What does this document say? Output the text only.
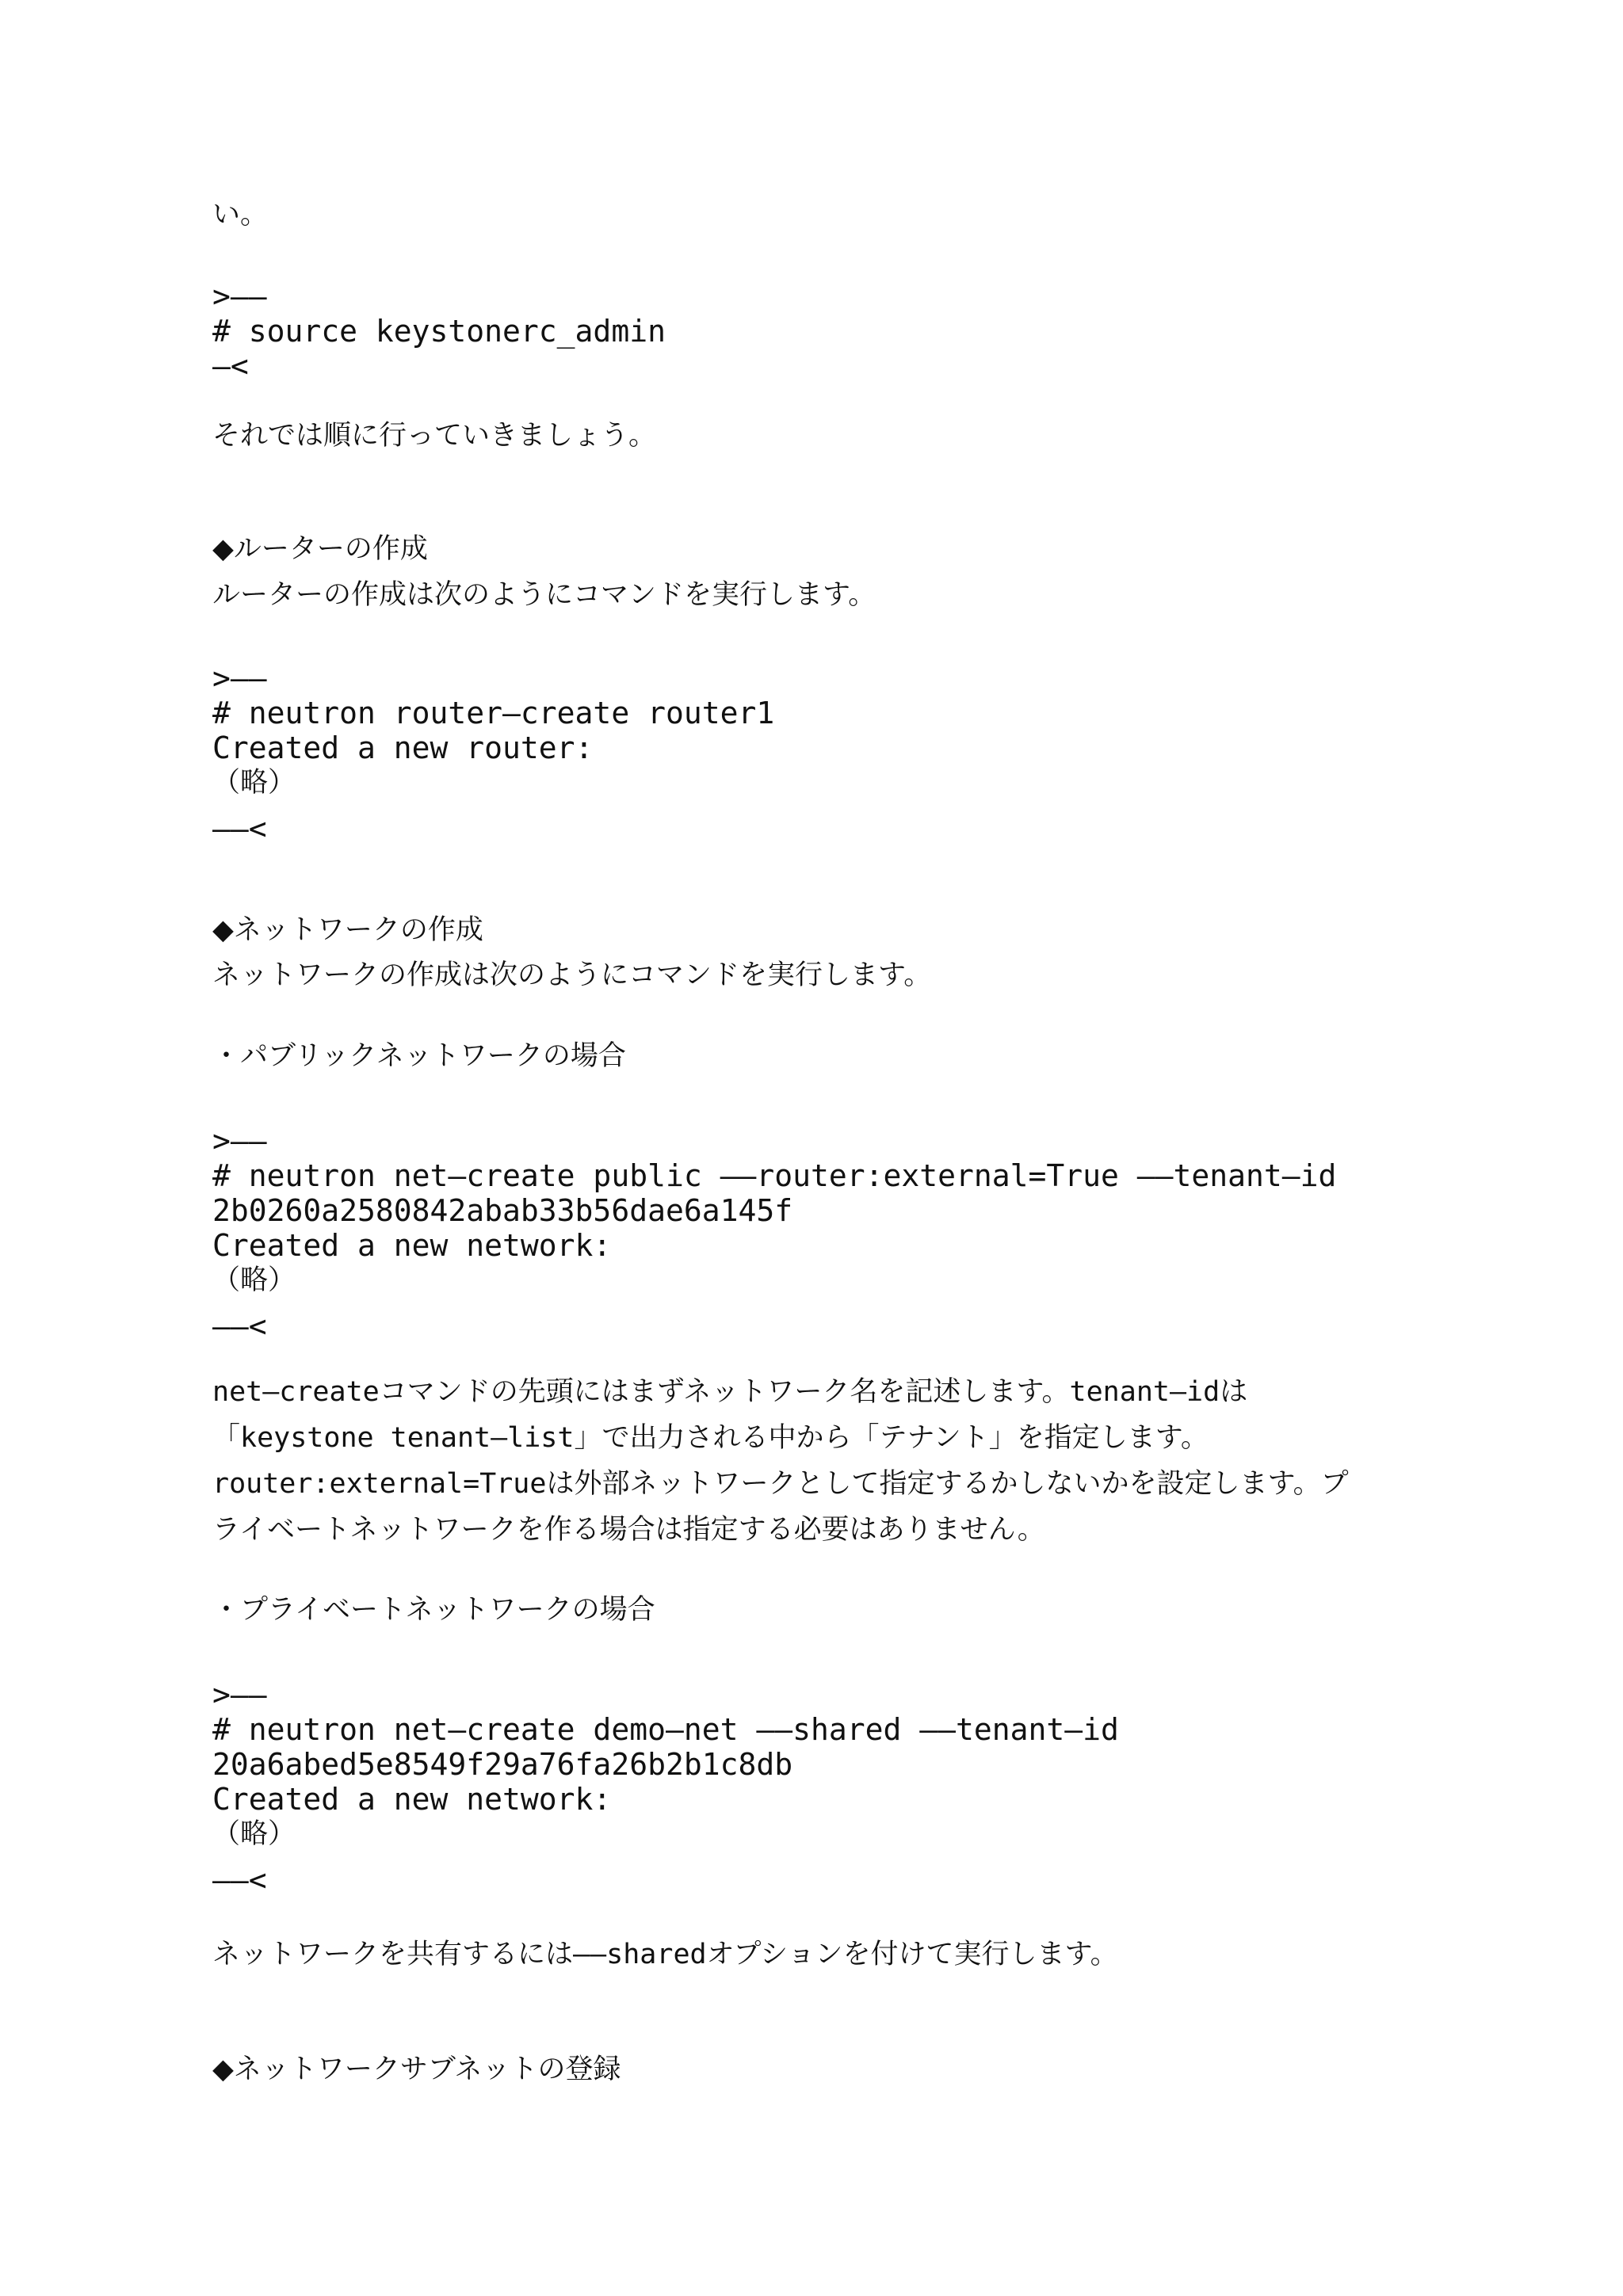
い。
>––
# source keystonerc_admin
–<
それでは順に行っていきましょう。
◆ルーターの作成
ルーターの作成は次のようにコマンドを実行します。
>––
# neutron router–create router1
Created a new router:
（略）
––<
◆ネットワークの作成
ネットワークの作成は次のようにコマンドを実行します。
・パブリックネットワークの場合
>––
# neutron net–create public ––router:external=True ––tenant–id
2b0260a2580842abab33b56dae6a145f
Created a new network:
（略）
––<
net–createコマンドの先頭にはまずネットワーク名を記述します。tenant–idは
「keystone tenant–list」で出力される中から「テナント」を指定します。
router:external=Trueは外部ネットワークとして指定するかしないかを設定します。プ
ライベートネットワークを作る場合は指定する必要はありません。
・プライベートネットワークの場合
>––
# neutron net–create demo–net ––shared ––tenant–id
20a6abed5e8549f29a76fa26b2b1c8db
Created a new network:
（略）
––<
ネットワークを共有するには––sharedオプションを付けて実行します。
◆ネットワークサブネットの登録
